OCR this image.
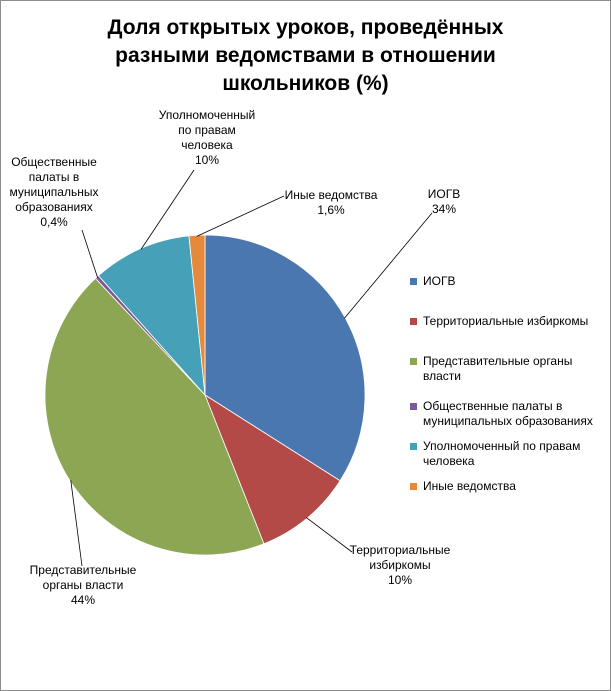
Доля открытых уроков, проведённых
разными ведомствами в отношении
школьников (%)
ИОГВ
34%
Территориальные
избиркомы
10%
Представительные
органы власти
44%
Общественные
палаты в
муниципальных
образованиях
0,4%
Уполномоченный
по правам
человека
10%
Иные ведомства
1,6%
ИОГВ
Территориальные избиркомы
Представительные органы
власти
Общественные палаты в
муниципальных образованиях
Уполномоченный по правам
человека
Иные ведомства
